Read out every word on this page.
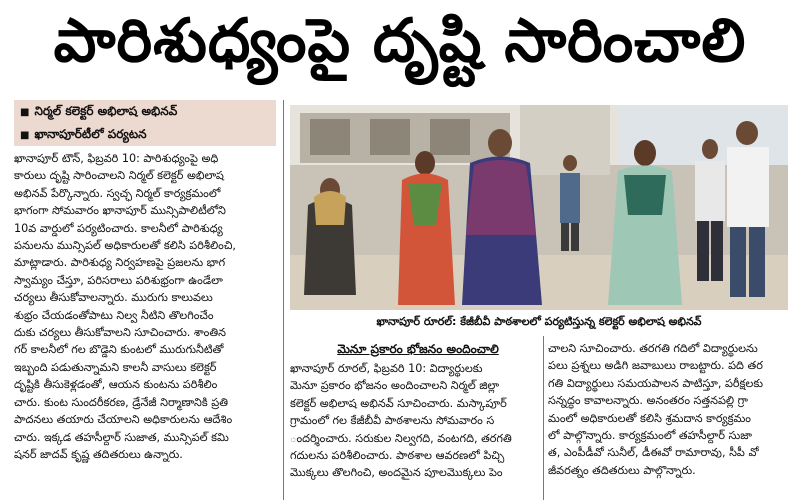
పారిశుధ్యంపై దృష్టి సారించాలి
■ నిర్మల్ కలెక్టర్ అభిలాష అభినవ్
■ ఖానాపూర్‌టీలో పర్యటన

ఖానాపూర్ టౌన్, ఫిబ్రవరి 10: పారిశుధ్యంపై అధి

కారులు దృష్టి సారించాలని నిర్మల్ కలెక్టర్ అభిలాష

అభినవ్ పేర్కొన్నారు. స్వచ్ఛ నిర్మల్ కార్యక్రమంలో

భాగంగా సోమవారం ఖానాపూర్ మున్సిపాలిటీలోని

10వ వార్డులో పర్యటించారు. కాలనీలో పారిశుధ్య

పనులను మున్సిపల్ అధికారులతో కలిసి పరిశీలించి,

మాట్లాడారు. పారిశుధ్య నిర్వహణపై ప్రజలను భాగ

స్వామ్యం చేస్తూ, పరిసరాలు పరిశుభ్రంగా ఉండేలా

చర్యలు తీసుకోవాలన్నారు. మురుగు కాలువలు

శుభ్రం చేయడంతోపాటు నిల్వ నీటిని తొలగించేం

దుకు చర్యలు తీసుకోవాలని సూచించారు. శాంతిన

గర్ కాలనీలో గల బొడ్డెని కుంటలో మురుగునీటితో

ఇబ్బంది పడుతున్నామని కాలనీ వాసులు కలెక్టర్

దృష్టికి తీసుకెళ్లడంతో, ఆయన కుంటను పరిశీలిం

చారు. కుంట సుందరీకరణ, డ్రేనేజీ నిర్మాణానికి ప్రతి

పాదనలు తయారు చేయాలని అధికారులను ఆదేశిం

చారు. ఇక్కడ తహసీల్దార్ సుజాత, మున్సిపల్ కమి

షనర్ జాదవ్ కృష్ణ తదితరులు ఉన్నారు.

ఖానాపూర్ రూరల్: కేజీబీవీ పాఠశాలలో పర్యటిస్తున్న కలెక్టర్ అభిలాష అభినవ్
మెనూ ప్రకారం భోజనం అందించాలి

ఖానాపూర్ రూరల్, ఫిబ్రవరి 10: విద్యార్థులకు

మెనూ ప్రకారం భోజనం అందించాలని నిర్మల్ జిల్లా

కలెక్టర్ అభిలాష అభినవ్ సూచించారు. మస్కాపూర్

గ్రామంలో గల కేజీబీవీ పాఠశాలను సోమవారం స

ందర్శించారు. సరుకుల నిల్వగది, వంటగది, తరగతి

గదులను పరిశీలించారు. పాఠశాల ఆవరణలో పిచ్చి

మొక్కలు తొలగించి, అందమైన పూలమొక్కలు పెం

చాలని సూచించారు. తరగతి గదిలో విద్యార్థులను

పలు ప్రశ్నలు అడిగి జవాబులు రాబట్టారు. పది తర

గతి విద్యార్థులు సమయపాలన పాటిస్తూ, పరీక్షలకు

సన్నద్ధం కావాలన్నారు. అనంతరం సత్తనపల్లి గ్రా

మంలో అధికారులతో కలిసి శ్రమదాన కార్యక్రమం

లో పాల్గొన్నారు. కార్యక్రమంలో తహసీల్దార్ సుజా

త, ఎంపీడీవో సునీల్, డీఈవో రామారావు, సీపీ వో

జీవరత్నం తదితరులు పాల్గొన్నారు.
